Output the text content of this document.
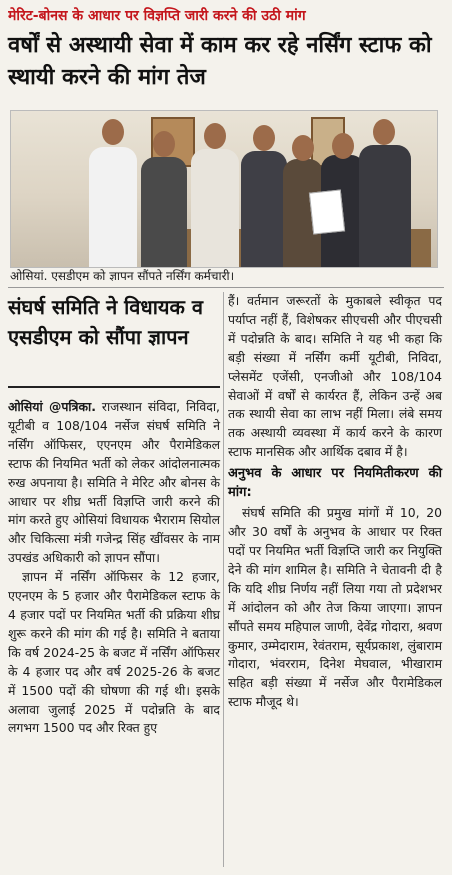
मेरिट-बोनस के आधार पर विज्ञप्ति जारी करने की उठी मांग
वर्षों से अस्थायी सेवा में काम कर रहे नर्सिंग स्टाफ को स्थायी करने की मांग तेज
ओसियां. एसडीएम को ज्ञापन सौंपते नर्सिंग कर्मचारी।
संघर्ष समिति ने विधायक व एसडीएम को सौंपा ज्ञापन

ओसियां @पत्रिका. राजस्थान संविदा, निविदा, यूटीबी व 108/104 नर्सेज संघर्ष समिति ने नर्सिंग ऑफिसर, एएनएम और पैरामेडिकल स्टाफ की नियमित भर्ती को लेकर आंदोलनात्मक रुख अपनाया है। समिति ने मेरिट और बोनस के आधार पर शीघ्र भर्ती विज्ञप्ति जारी करने की मांग करते हुए ओसियां विधायक भैराराम सियोल और चिकित्सा मंत्री गजेन्द्र सिंह खींवसर के नाम उपखंड अधिकारी को ज्ञापन सौंपा।

ज्ञापन में नर्सिंग ऑफिसर के 12 हजार, एएनएम के 5 हजार और पैरामेडिकल स्टाफ के 4 हजार पदों पर नियमित भर्ती की प्रक्रिया शीघ्र शुरू करने की मांग की गई है। समिति ने बताया कि वर्ष 2024-25 के बजट में नर्सिंग ऑफिसर के 4 हजार पद और वर्ष 2025-26 के बजट में 1500 पदों की घोषणा की गई थी। इसके अलावा जुलाई 2025 में पदोन्नति के बाद लगभग 1500 पद और रिक्त हुए

हैं। वर्तमान जरूरतों के मुकाबले स्वीकृत पद पर्याप्त नहीं हैं, विशेषकर सीएचसी और पीएचसी में पदोन्नति के बाद। समिति ने यह भी कहा कि बड़ी संख्या में नर्सिंग कर्मी यूटीबी, निविदा, प्लेसमेंट एजेंसी, एनजीओ और 108/104 सेवाओं में वर्षों से कार्यरत हैं, लेकिन उन्हें अब तक स्थायी सेवा का लाभ नहीं मिला। लंबे समय तक अस्थायी व्यवस्था में कार्य करने के कारण स्टाफ मानसिक और आर्थिक दबाव में है।

अनुभव के आधार पर नियमितीकरण की मांग:

संघर्ष समिति की प्रमुख मांगों में 10, 20 और 30 वर्षों के अनुभव के आधार पर रिक्त पदों पर नियमित भर्ती विज्ञप्ति जारी कर नियुक्ति देने की मांग शामिल है। समिति ने चेतावनी दी है कि यदि शीघ्र निर्णय नहीं लिया गया तो प्रदेशभर में आंदोलन को और तेज किया जाएगा। ज्ञापन सौंपते समय महिपाल जाणी, देवेंद्र गोदारा, श्रवण कुमार, उम्मेदाराम, रेवंतराम, सूर्यप्रकाश, लुंबाराम गोदारा, भंवरराम, दिनेश मेघवाल, भीखाराम सहित बड़ी संख्या में नर्सेज और पैरामेडिकल स्टाफ मौजूद थे।
